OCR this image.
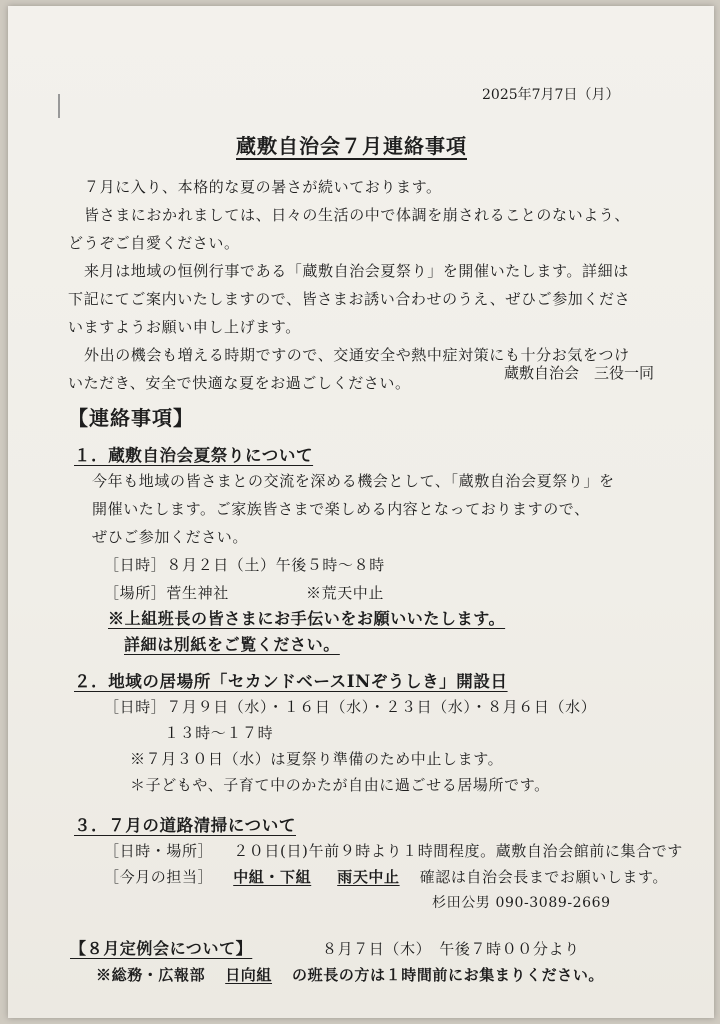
2025年7月7日（月）
蔵敷自治会７月連絡事項
７月に入り、本格的な夏の暑さが続いております。
皆さまにおかれましては、日々の生活の中で体調を崩されることのないよう、
どうぞご自愛ください。
来月は地域の恒例行事である「蔵敷自治会夏祭り」を開催いたします。詳細は
下記にてご案内いたしますので、皆さまお誘い合わせのうえ、ぜひご参加くださ
いますようお願い申し上げます。
外出の機会も増える時期ですので、交通安全や熱中症対策にも十分お気をつけ
いただき、安全で快適な夏をお過ごしください。
蔵敷自治会　三役一同
【連絡事項】
１．蔵敷自治会夏祭りについて
今年も地域の皆さまとの交流を深める機会として、「蔵敷自治会夏祭り」を
開催いたします。ご家族皆さまで楽しめる内容となっておりますので、
ぜひご参加ください。
［日時］８月２日（土）午後５時～８時
［場所］菅生神社	※荒天中止
※上組班長の皆さまにお手伝いをお願いいたします。
詳細は別紙をご覧ください。
２．地域の居場所「セカンドベースINぞうしき」開設日
［日時］７月９日（水）・１６日（水）・２３日（水）・８月６日（水）
１３時～１７時
※７月３０日（水）は夏祭り準備のため中止します。
＊子どもや、子育て中のかたが自由に過ごせる居場所です。
３．７月の道路清掃について
［日時・場所］ ２０日(日)午前９時より１時間程度。蔵敷自治会館前に集合です
［今月の担当］ 中組・下組 雨天中止 確認は自治会長までお願いします。
杉田公男 090-3089-2669
【８月定例会について】	８月７日（木）　午後７時００分より
※総務・広報部 日向組 の班長の方は１時間前にお集まりください。
